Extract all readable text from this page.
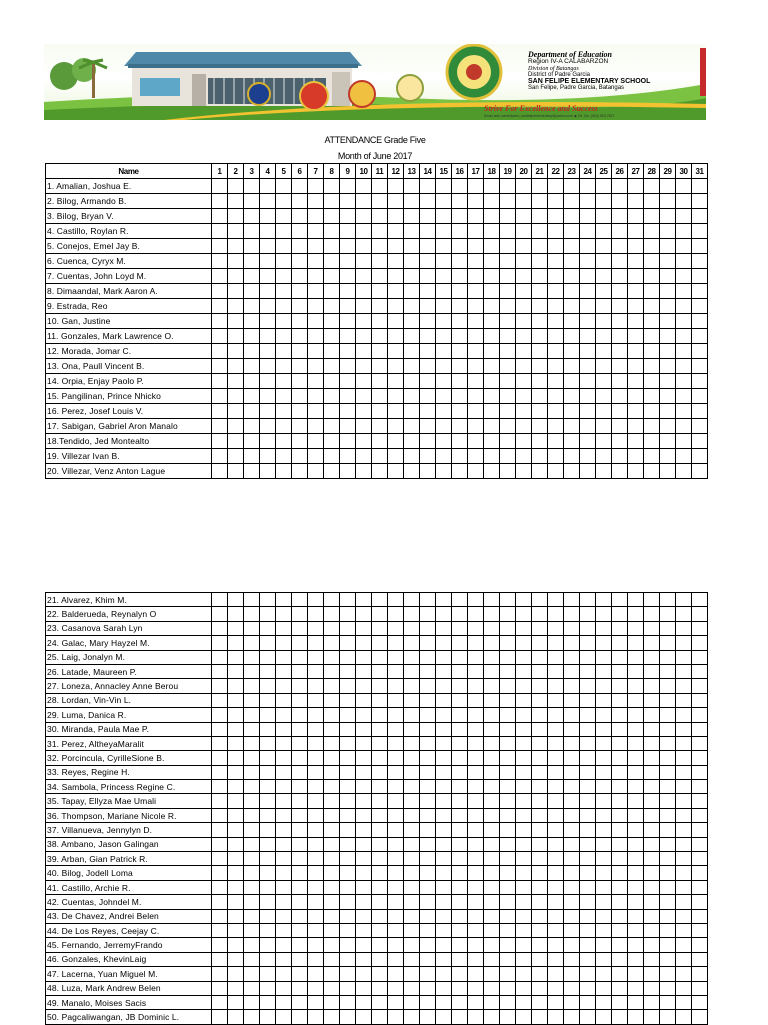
Department of Education
Region IV-A CALABARZON
Division of Batangas
District of Padre Garcia
SAN FELIPE ELEMENTARY SCHOOL
San Felipe, Padre Garcia, Batangas
Strive For Excellence and Success
Email add: sanfelipees_sanfelipeelementary@yahoo.com ◆ Tel. No. (043) 515-7827
ATTENDANCE Grade Five
Month of June 2017
Name	1	2	3	4	5	6	7	8	9	10	11	12	13	14	15	16	17	18	19	20	21	22	23	24	25	26	27	28	29	30	31
1. Amalian, Joshua E.																															
2. Bilog, Armando B.																															
3. Bilog, Bryan V.																															
4. Castillo, Roylan R.																															
5. Conejos, Emel Jay B.																															
6. Cuenca, Cyryx M.																															
7. Cuentas, John Loyd M.																															
8. Dimaandal, Mark Aaron A.																															
9. Estrada, Reo																															
10. Gan, Justine																															
11. Gonzales, Mark Lawrence O.																															
12. Morada, Jomar C.																															
13. Ona, Paull Vincent B.																															
14. Orpia, Enjay Paolo P.																															
15. Pangilinan, Prince Nhicko																															
16. Perez, Josef Louis V.																															
17. Sabigan, Gabriel Aron Manalo																															
18.Tendido, Jed Montealto																															
19. Villezar Ivan B.																															
20. Villezar, Venz Anton Lague																															
21. Alvarez, Khim M.																															
22. Balderueda, Reynalyn O																															
23. Casanova Sarah Lyn																															
24. Galac, Mary Hayzel M.																															
25. Laig, Jonalyn M.																															
26. Latade, Maureen P.																															
27. Loneza, Annacley Anne Berou																															
28. Lordan, Vin-Vin L.																															
29. Luma, Danica R.																															
30. Miranda, Paula Mae P.																															
31. Perez, AltheyaMaralit																															
32. Porcincula, CyrilleSione B.																															
33. Reyes, Regine H.																															
34. Sambola, Princess Regine C.																															
35. Tapay, Ellyza Mae Umali																															
36. Thompson, Mariane Nicole R.																															
37. Villanueva, Jennylyn D.																															
38. Ambano, Jason Galingan																															
39. Arban, Gian Patrick R.																															
40. Bilog, Jodell Loma																															
41. Castillo, Archie R.																															
42. Cuentas, Johndel M.																															
43. De Chavez, Andrei Belen																															
44. De Los Reyes, Ceejay C.																															
45. Fernando, JerremyFrando																															
46. Gonzales, KhevinLaig																															
47. Lacerna, Yuan Miguel M.																															
48. Luza, Mark Andrew Belen																															
49. Manalo, Moises Sacis																															
50. Pagcaliwangan, JB Dominic L.																															
